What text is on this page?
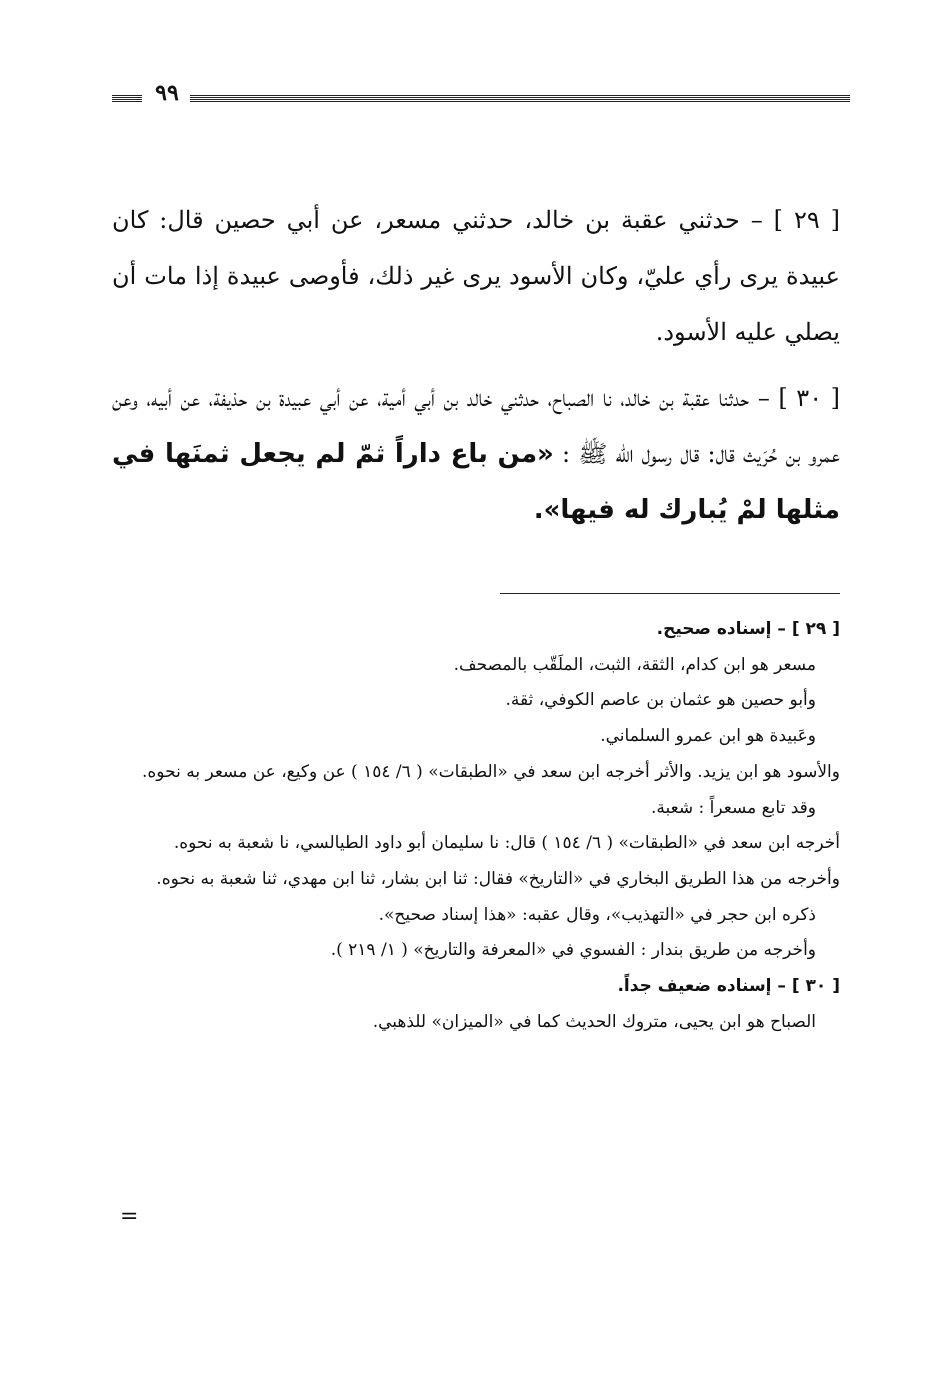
٩٩

[ ٢٩ ] – حدثني عقبة بن خالد، حدثني مسعر، عن أبي حصين قال: كان عبيدة يرى رأي عليّ، وكان الأسود يرى غير ذلك، فأوصى عبيدة إذا مات أن يصلي عليه الأسود.

[ ٣٠ ] – حدثنا عقبة بن خالد، نا الصباح، حدثني خالد بن أبي أمية، عن أبي عبيدة بن حذيفة، عن أبيه، وعن عمرو بن حُرَيث قال: قال رسول الله ﷺ : «من باع داراً ثمّ لم يجعل ثمنَها في مثلها لمْ يُبارك له فيها».

[ ٢٩ ] – إسناده صحيح.

مسعر هو ابن كدام، الثقة، الثبت، الملَقّب بالمصحف.

وأبو حصين هو عثمان بن عاصم الكوفي، ثقة.

وعَبيدة هو ابن عمرو السلماني.

والأسود هو ابن يزيد. والأثر أخرجه ابن سعد في «الطبقات» ( ٦/ ١٥٤ ) عن وكيع، عن مسعر به نحوه.

وقد تابع مسعراً : شعبة.

أخرجه ابن سعد في «الطبقات» ( ٦/ ١٥٤ ) قال: نا سليمان أبو داود الطيالسي، نا شعبة به نحوه.

وأخرجه من هذا الطريق البخاري في «التاريخ» فقال: ثنا ابن بشار، ثنا ابن مهدي، ثنا شعبة به نحوه.

ذكره ابن حجر في «التهذيب»، وقال عقبه: «هذا إسناد صحيح».

وأخرجه من طريق بندار : الفسوي في «المعرفة والتاريخ» ( ١/ ٢١٩ ).

[ ٣٠ ] – إسناده ضعيف جداً.

الصباح هو ابن يحيى، متروك الحديث كما في «الميزان» للذهبي.

=
